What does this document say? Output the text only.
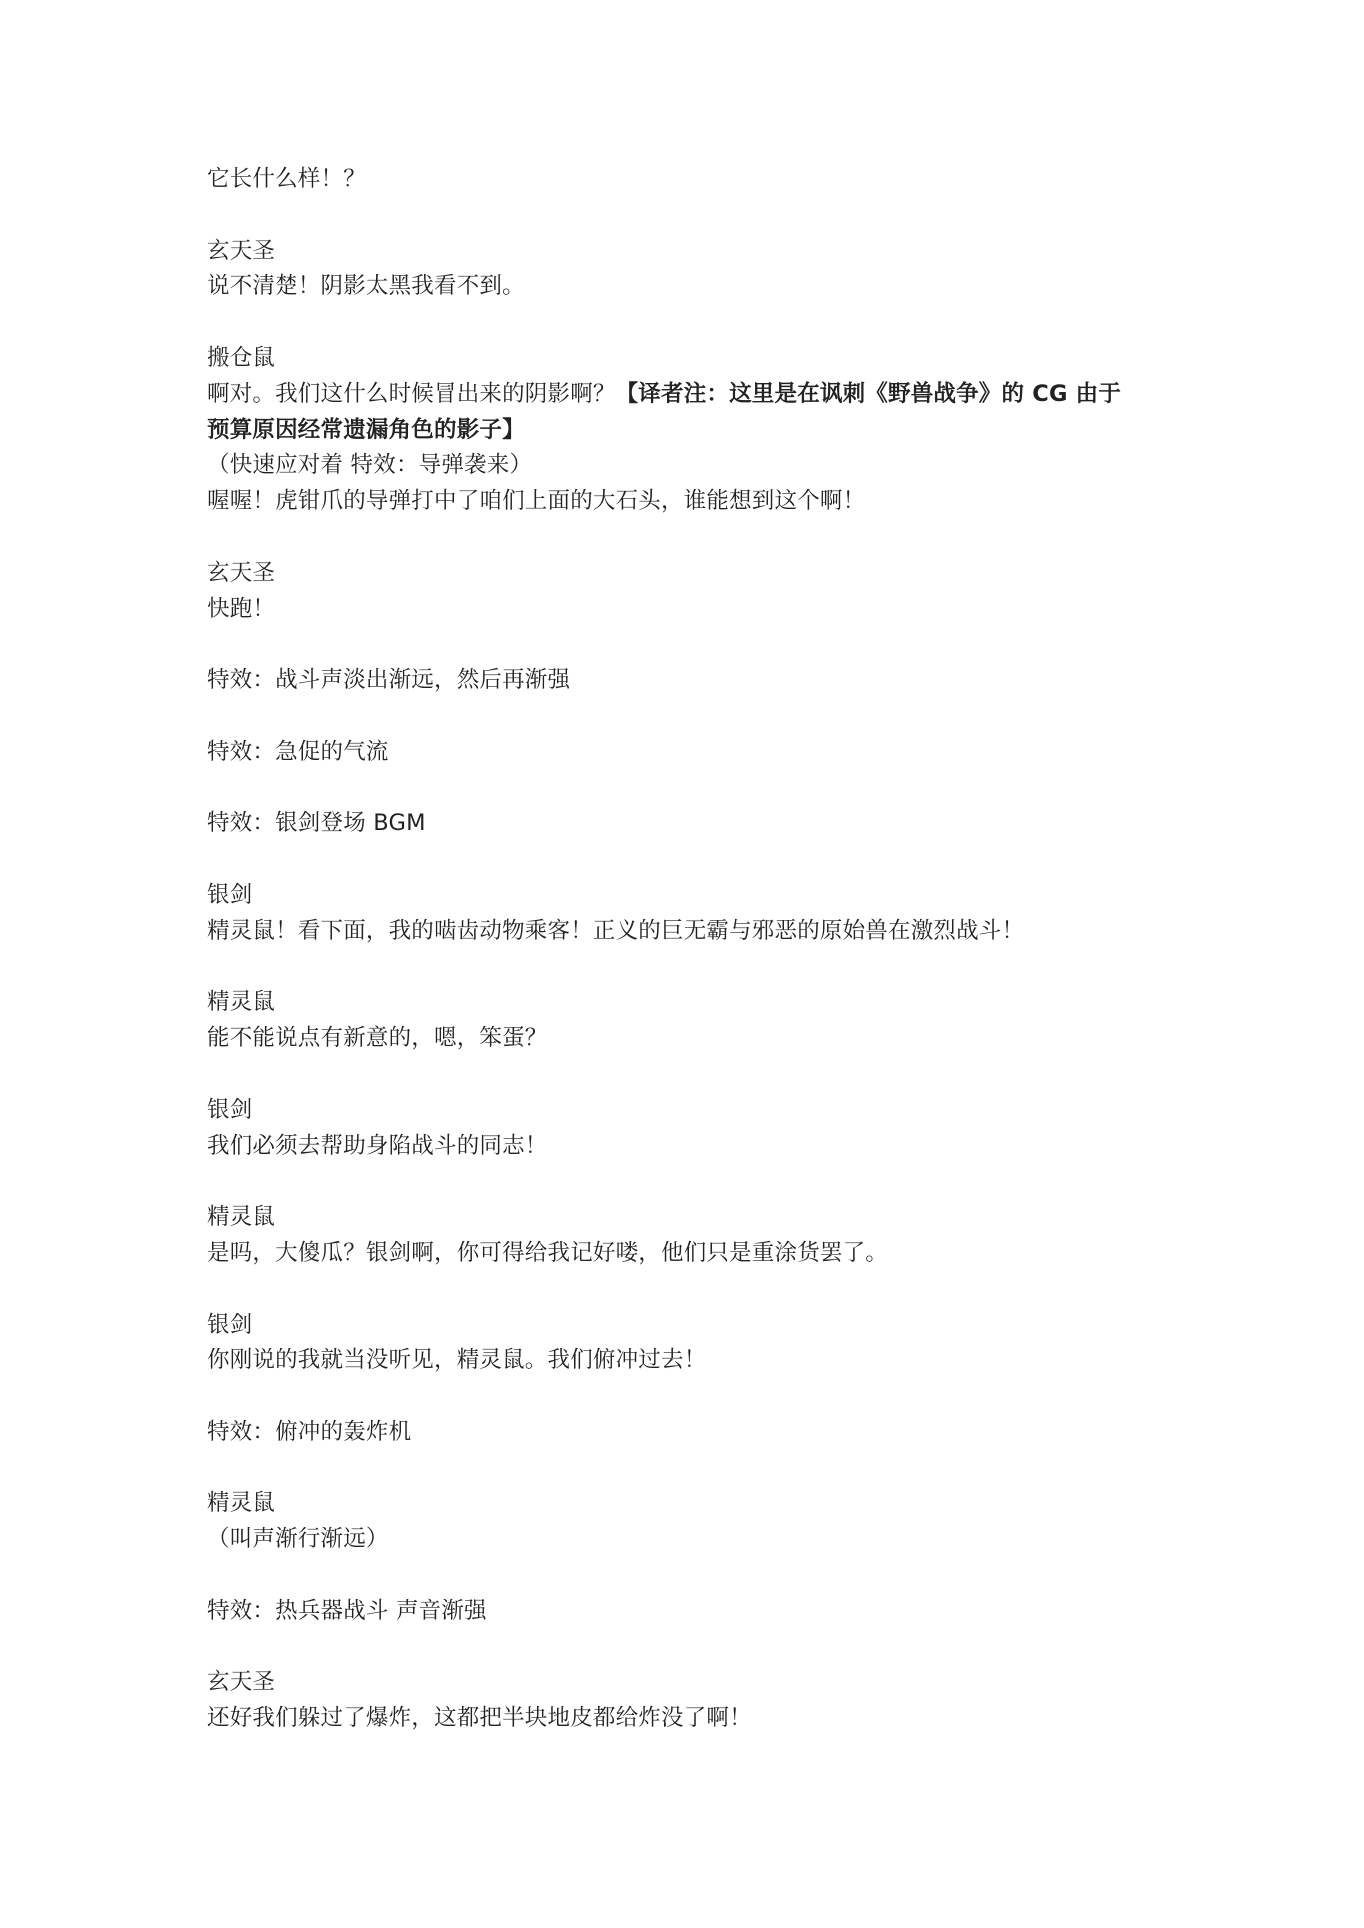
它长什么样！？
玄天圣
说不清楚！阴影太黑我看不到。
搬仓鼠
啊对。我们这什么时候冒出来的阴影啊？【译者注：这里是在讽刺《野兽战争》的 CG 由于
预算原因经常遗漏角色的影子】
（快速应对着 特效：导弹袭来）
喔喔！虎钳爪的导弹打中了咱们上面的大石头，谁能想到这个啊！
玄天圣
快跑！
特效：战斗声淡出渐远，然后再渐强
特效：急促的气流
特效：银剑登场 BGM
银剑
精灵鼠！看下面，我的啮齿动物乘客！正义的巨无霸与邪恶的原始兽在激烈战斗！
精灵鼠
能不能说点有新意的，嗯，笨蛋？
银剑
我们必须去帮助身陷战斗的同志！
精灵鼠
是吗，大傻瓜？银剑啊，你可得给我记好喽，他们只是重涂货罢了。
银剑
你刚说的我就当没听见，精灵鼠。我们俯冲过去！
特效：俯冲的轰炸机
精灵鼠
（叫声渐行渐远）
特效：热兵器战斗 声音渐强
玄天圣
还好我们躲过了爆炸，这都把半块地皮都给炸没了啊！
